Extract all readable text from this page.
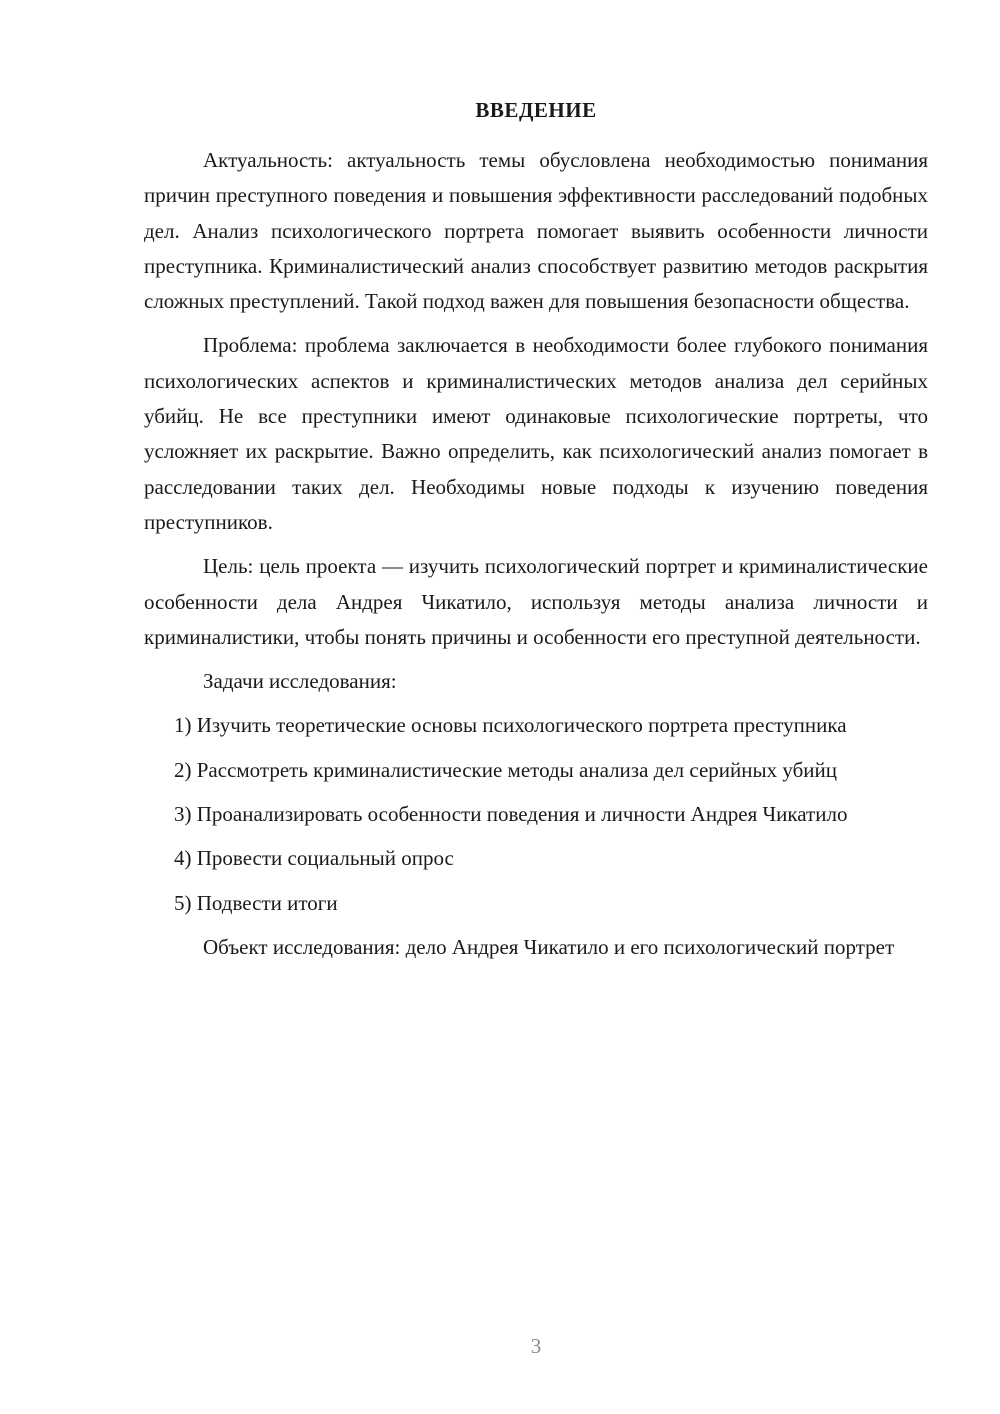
ВВЕДЕНИЕ

Актуальность: актуальность темы обусловлена необходимостью понимания причин преступного поведения и повышения эффективности расследований подобных дел. Анализ психологического портрета помогает выявить особенности личности преступника. Криминалистический анализ способствует развитию методов раскрытия сложных преступлений. Такой подход важен для повышения безопасности общества.

Проблема: проблема заключается в необходимости более глубокого понимания психологических аспектов и криминалистических методов анализа дел серийных убийц. Не все преступники имеют одинаковые психологические портреты, что усложняет их раскрытие. Важно определить, как психологический анализ помогает в расследовании таких дел. Необходимы новые подходы к изучению поведения преступников.

Цель: цель проекта — изучить психологический портрет и криминалистические особенности дела Андрея Чикатило, используя методы анализа личности и криминалистики, чтобы понять причины и особенности его преступной деятельности.

Задачи исследования:

1) Изучить теоретические основы психологического портрета преступника

2) Рассмотреть криминалистические методы анализа дел серийных убийц

3) Проанализировать особенности поведения и личности Андрея Чикатило

4) Провести социальный опрос

5) Подвести итоги

Объект исследования: дело Андрея Чикатило и его психологический портрет

3
